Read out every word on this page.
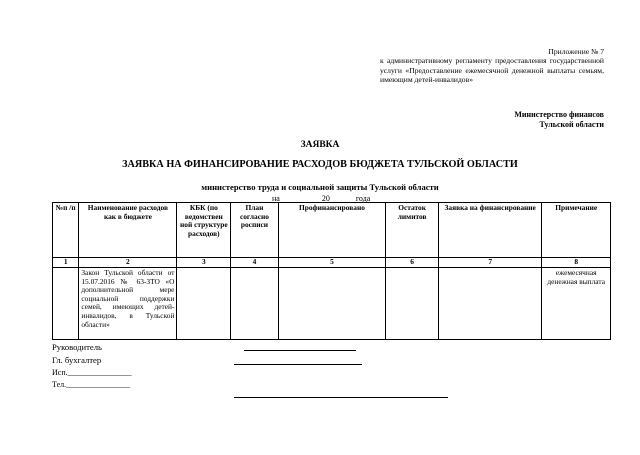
Приложение № 7
к административному регламенту предоставления государственной услуги «Предоставление ежемесячной денежной выплаты семьям, имеющим детей-инвалидов»
Министерство финансов
Тульской области
ЗАЯВКА
ЗАЯВКА НА ФИНАНСИРОВАНИЕ РАСХОДОВ БЮДЖЕТА ТУЛЬСКОЙ ОБЛАСТИ
министерство труда и социальной защиты Тульской области
на	20	года
№п /п	Наименование расходов как в бюджете	КБК (по ведомствен ной структуре расходов)	План согласно росписи	Профинансировано	Остаток лимитов	Заявка на финансирование	Примечание
1	2	3	4	5	6	7	8
	Закон Тульской области от 15.07.2016 № 63-ЗТО «О дополнительной мере социальной поддержки семей, имеющих детей-инвалидов, в Тульской области»						ежемесячная денежная выплата
Руководитель
Гл. бухгалтер
Исп.________________
Тел.________________
